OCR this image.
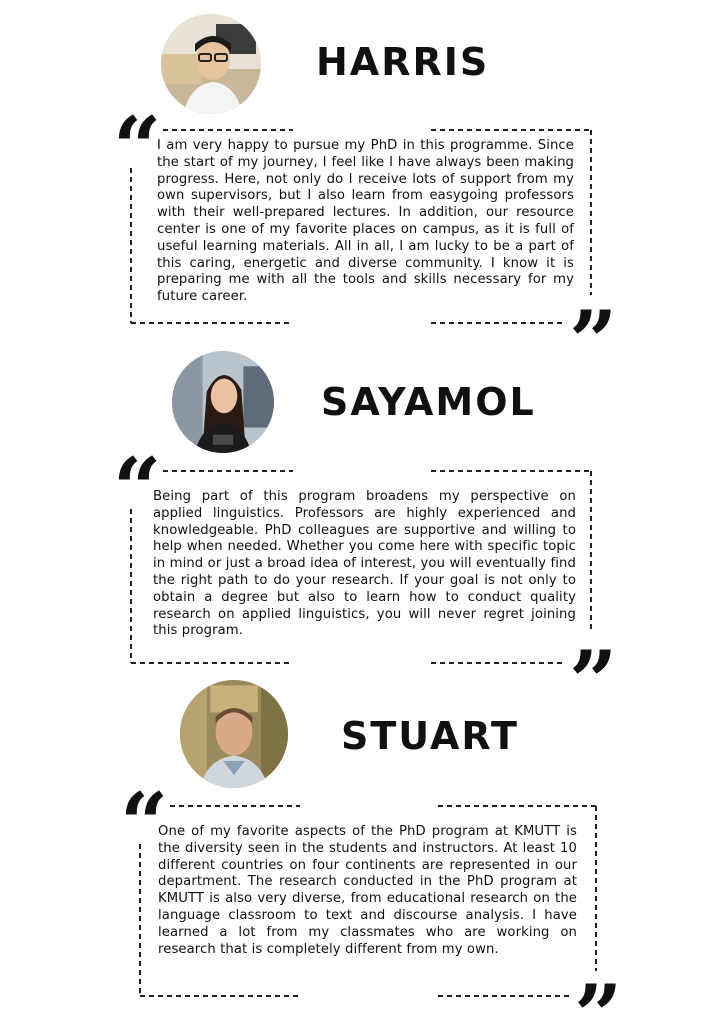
HARRIS
“
”

I am very happy to pursue my PhD in this programme. Since the start of my journey, I feel like I have always been making progress. Here, not only do I receive lots of support from my own supervisors, but I also learn from easygoing professors with their well-prepared lectures. In addition, our resource center is one of my favorite places on campus, as it is full of useful learning materials. All in all, I am lucky to be a part of this caring, energetic and diverse community. I know it is preparing me with all the tools and skills necessary for my future career.

SAYAMOL
“
”

Being part of this program broadens my perspective on applied linguistics. Professors are highly experienced and knowledgeable. PhD colleagues are supportive and willing to help when needed. Whether you come here with specific topic in mind or just a broad idea of interest, you will eventually find the right path to do your research. If your goal is not only to obtain a degree but also to learn how to conduct quality research on applied linguistics, you will never regret joining this program.

STUART
“
”

One of my favorite aspects of the PhD program at KMUTT is the diversity seen in the students and instructors. At least 10 different countries on four continents are represented in our department. The research conducted in the PhD program at KMUTT is also very diverse, from educational research on the language classroom to text and discourse analysis. I have learned a lot from my classmates who are working on research that is completely different from my own.
